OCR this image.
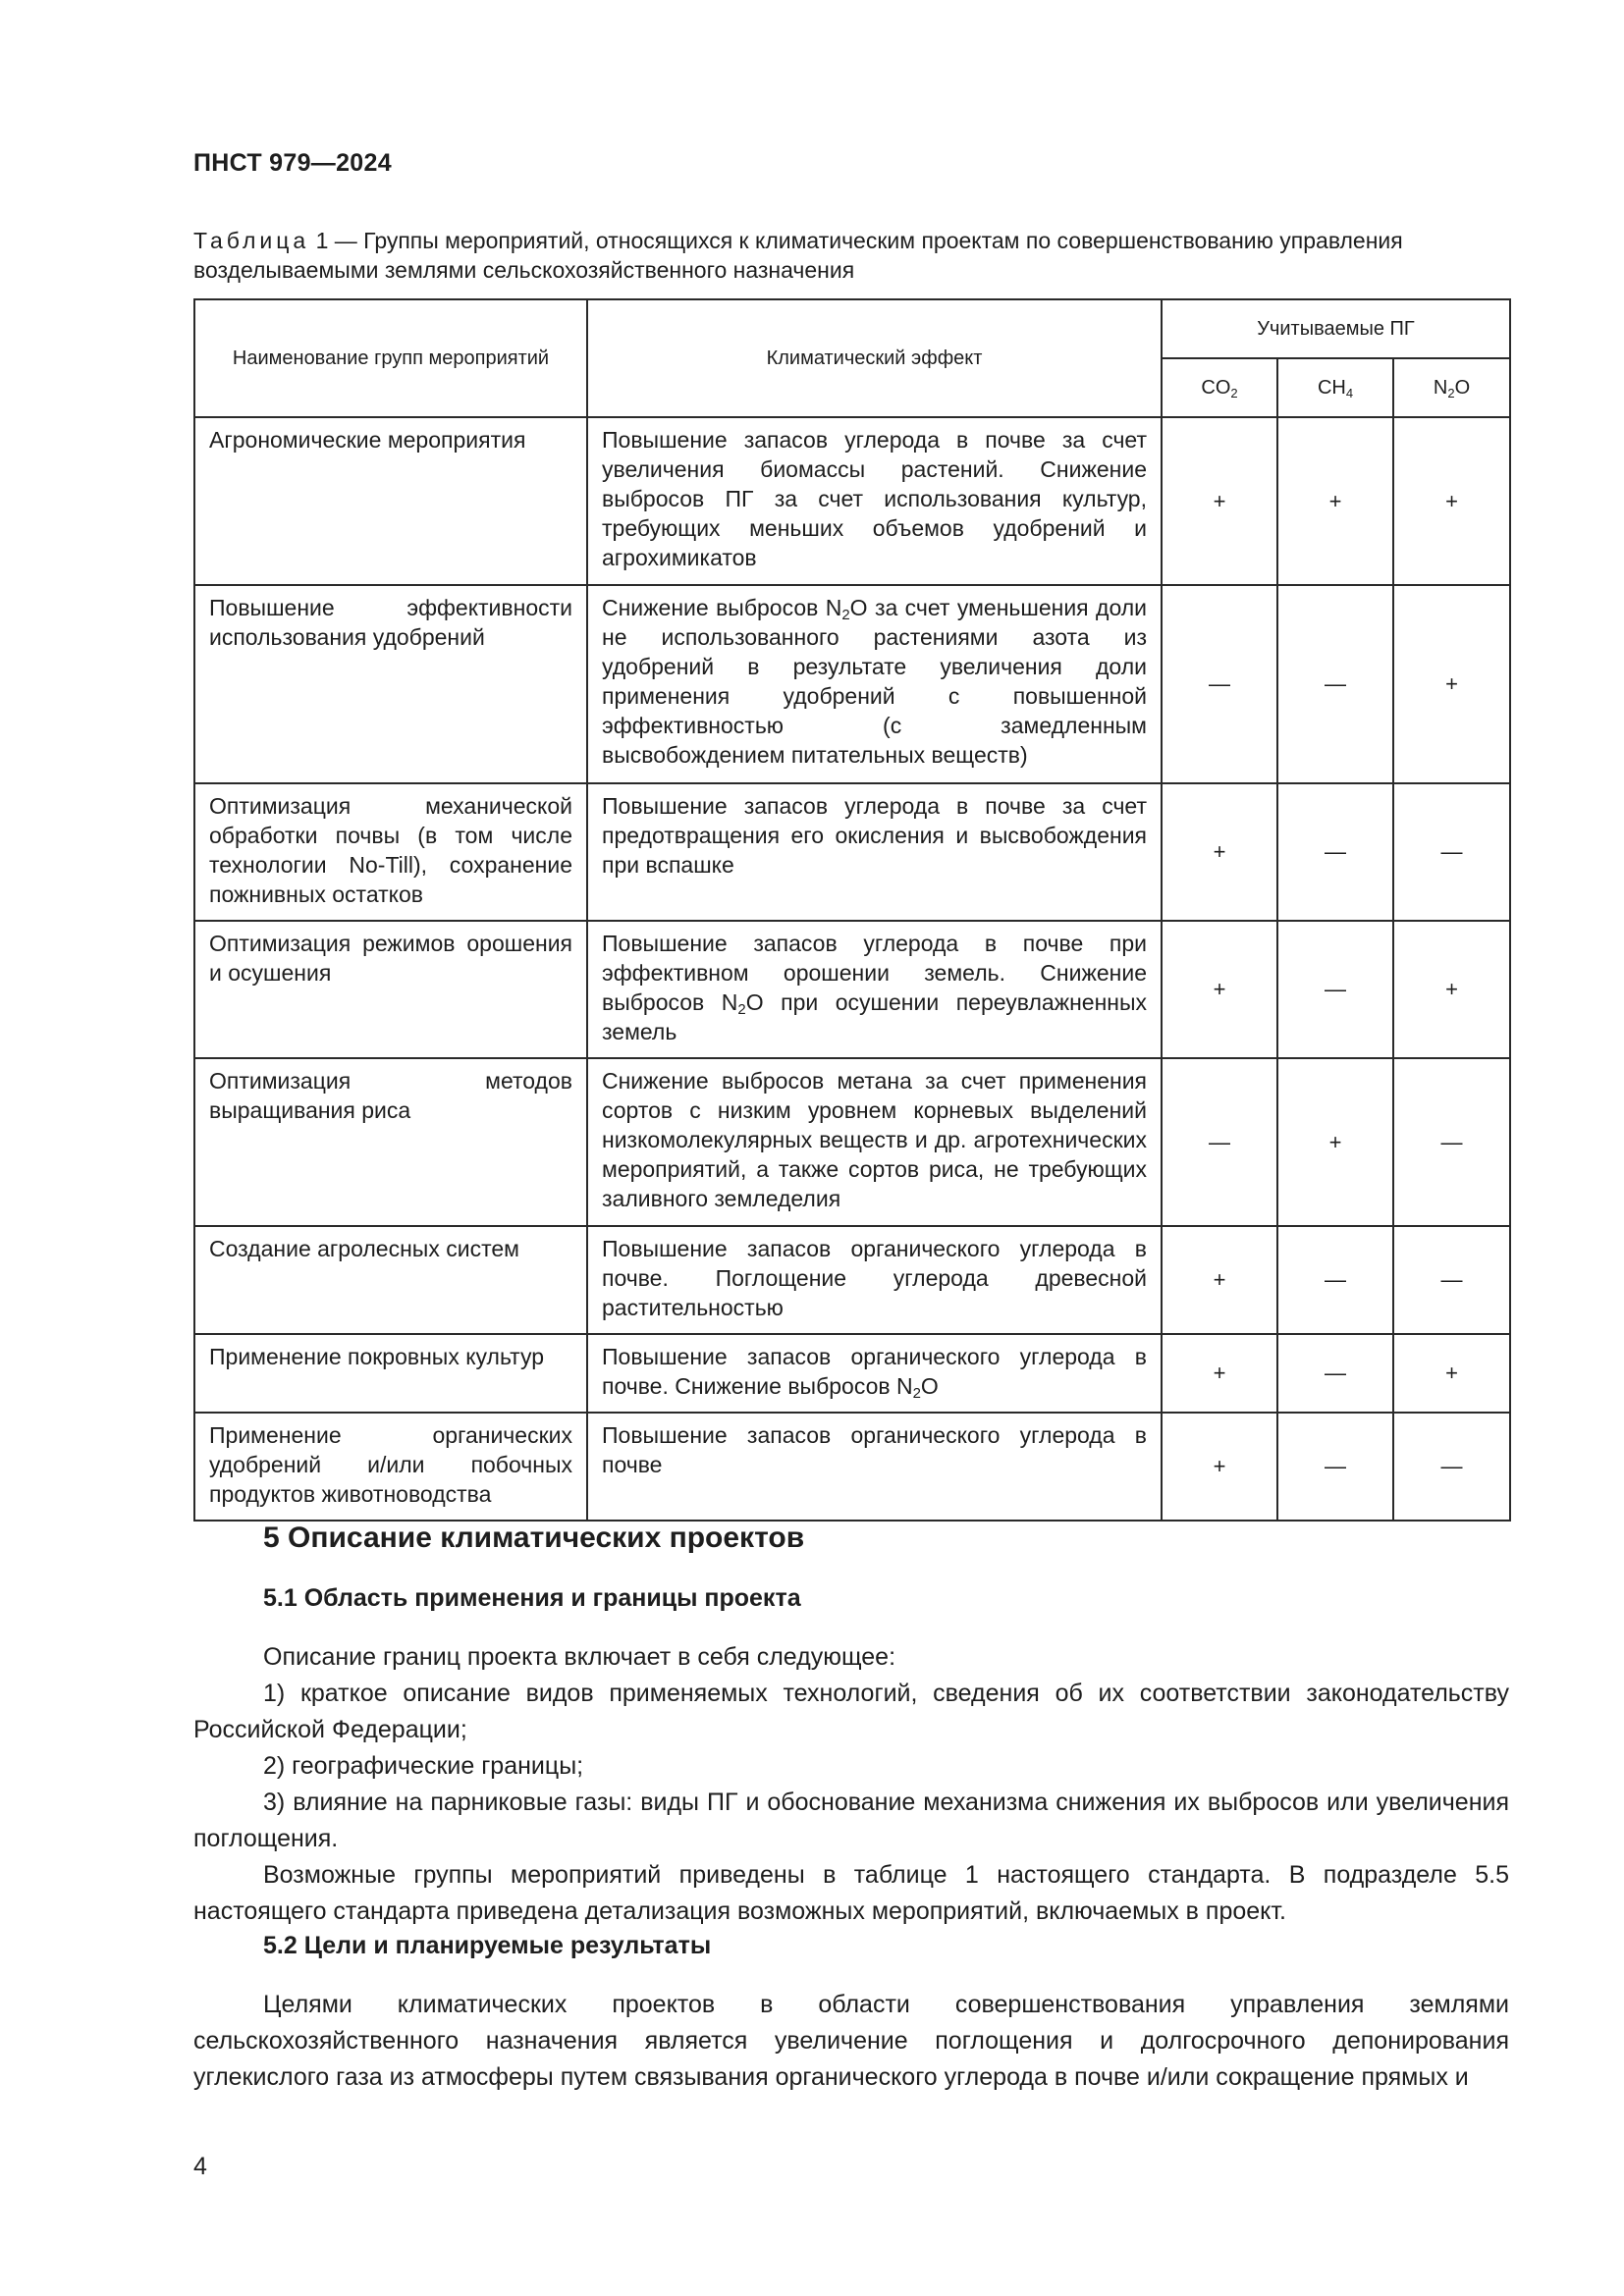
ПНСТ 979—2024
Таблица 1 — Группы мероприятий, относящихся к климатическим проектам по совершенствованию управления возделываемыми землями сельскохозяйственного назначения
Наименование групп мероприятий	Климатический эффект	Учитываемые ПГ		
		$CO_2$	$CH_4$	$N_2O$
Агрономические мероприятия	Повышение запасов углерода в почве за счет увеличения биомассы растений. Снижение выбросов ПГ за счет использования культур, требующих меньших объемов удобрений и агрохимикатов	+	+	+
Повышение эффективности использования удобрений	Снижение выбросов $N_2O$ за счет уменьшения доли не использованного растениями азота из удобрений в результате увеличения доли применения удобрений с повышенной эффективностью (с замедленным высвобождением питательных веществ)	—	—	+
Оптимизация механической обработки почвы (в том числе технологии No-Till), сохранение пожнивных остатков	Повышение запасов углерода в почве за счет предотвращения его окисления и высвобождения при вспашке	+	—	—
Оптимизация режимов орошения и осушения	Повышение запасов углерода в почве при эффективном орошении земель. Снижение выбросов $N_2O$ при осушении переувлажненных земель	+	—	+
Оптимизация методов выращивания риса	Снижение выбросов метана за счет применения сортов с низким уровнем корневых выделений низкомолекулярных веществ и др. агротехнических мероприятий, а также сортов риса, не требующих заливного земледелия	—	+	—
Создание агролесных систем	Повышение запасов органического углерода в почве. Поглощение углерода древесной растительностью	+	—	—
Применение покровных культур	Повышение запасов органического углерода в почве. Снижение выбросов $N_2O$	+	—	+
Применение органических удобрений и/или побочных продуктов животноводства	Повышение запасов органического углерода в почве	+	—	—
5 Описание климатических проектов
5.1 Область применения и границы проекта
Описание границ проекта включает в себя следующее:
1) краткое описание видов применяемых технологий, сведения об их соответствии законодательству Российской Федерации;
2) географические границы;
3) влияние на парниковые газы: виды ПГ и обоснование механизма снижения их выбросов или увеличения поглощения.
Возможные группы мероприятий приведены в таблице 1 настоящего стандарта. В подразделе 5.5 настоящего стандарта приведена детализация возможных мероприятий, включаемых в проект.
5.2 Цели и планируемые результаты
Целями климатических проектов в области совершенствования управления землями сельскохозяйственного назначения является увеличение поглощения и долгосрочного депонирования углекислого газа из атмосферы путем связывания органического углерода в почве и/или сокращение прямых и
4
